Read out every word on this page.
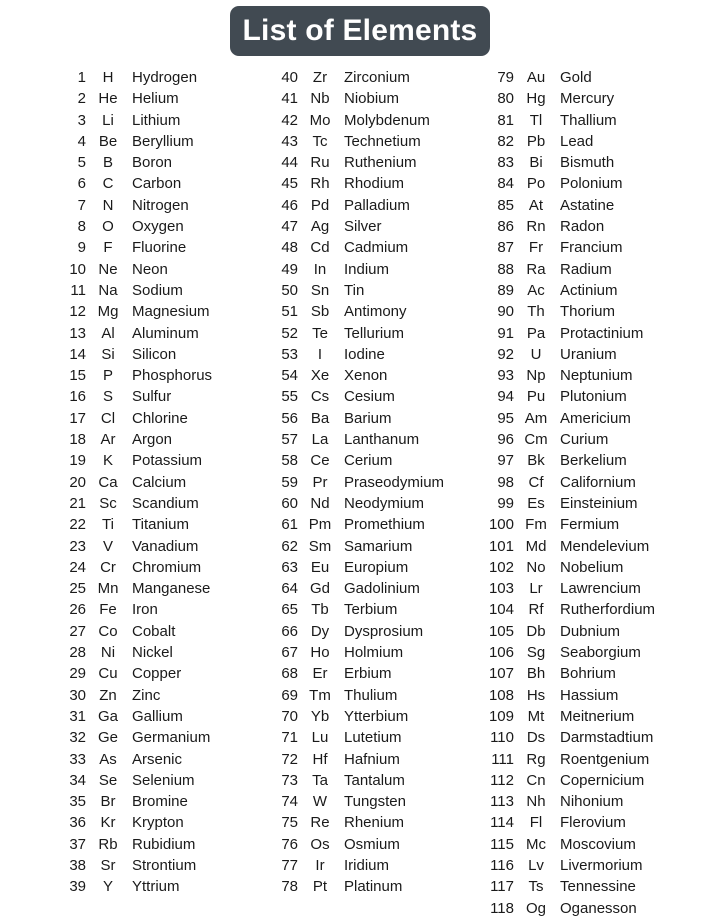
List of Elements
1	H	Hydrogen
2 He Helium
3	Li	Lithium
4 Be Beryllium
5	B	Boron
6	C	Carbon
7	N	Nitrogen
8	O	Oxygen
9	F	Fluorine
10 Ne Neon
11 Na Sodium
12 Mg Magnesium
13	Al	Aluminum
14	Si	Silicon
15	P	Phosphorus
16	S	Sulfur
17 Cl	Chlorine
18 Ar	Argon
19	K	Potassium
20 Ca Calcium
21 Sc	Scandium
22	Ti	Titanium
23	V	Vanadium
24 Cr	Chromium
25 Mn Manganese
26 Fe	Iron
27 Co Cobalt
28 Ni	Nickel
29 Cu Copper
30 Zn	Zinc
31 Ga Gallium
32 Ge Germanium
33 As	Arsenic
34 Se Selenium
35 Br	Bromine
36 Kr	Krypton
37 Rb Rubidium
38 Sr	Strontium
39	Y	Yttrium
40 Zr	Zirconium
41 Nb Niobium
42 Mo Molybdenum
43 Tc	Technetium
44 Ru Ruthenium
45 Rh Rhodium
46 Pd Palladium
47 Ag Silver
48 Cd Cadmium
49	In	Indium
50 Sn Tin
51 Sb Antimony
52 Te	Tellurium
53	I	Iodine
54 Xe Xenon
55 Cs Cesium
56 Ba Barium
57 La	Lanthanum
58 Ce Cerium
59 Pr	Praseodymium
60 Nd Neodymium
61 Pm Promethium
62 Sm Samarium
63 Eu Europium
64 Gd Gadolinium
65 Tb	Terbium
66 Dy Dysprosium
67 Ho Holmium
68 Er	Erbium
69 Tm Thulium
70 Yb Ytterbium
71 Lu	Lutetium
72 Hf	Hafnium
73 Ta	Tantalum
74 W	Tungsten
75 Re Rhenium
76 Os Osmium
77	Ir	Iridium
78 Pt	Platinum
79 Au Gold
80 Hg Mercury
81	Tl	Thallium
82 Pb Lead
83	Bi	Bismuth
84 Po Polonium
85 At	Astatine
86 Rn Radon
87 Fr	Francium
88 Ra Radium
89 Ac	Actinium
90 Th	Thorium
91 Pa Protactinium
92	U	Uranium
93 Np Neptunium
94 Pu Plutonium
95 Am Americium
96 Cm Curium
97 Bk	Berkelium
98 Cf	Californium
99 Es	Einsteinium
100 Fm Fermium
101 Md Mendelevium
102 No Nobelium
103	Lr	Lawrencium
104 Rf	Rutherfordium
105 Db Dubnium
106 Sg Seaborgium
107 Bh Bohrium
108 Hs Hassium
109 Mt	Meitnerium
110 Ds Darmstadtium
111 Rg Roentgenium
112 Cn Copernicium
113 Nh Nihonium
114	Fl	Flerovium
115 Mc Moscovium
116 Lv	Livermorium
117 Ts	Tennessine
118 Og Oganesson
